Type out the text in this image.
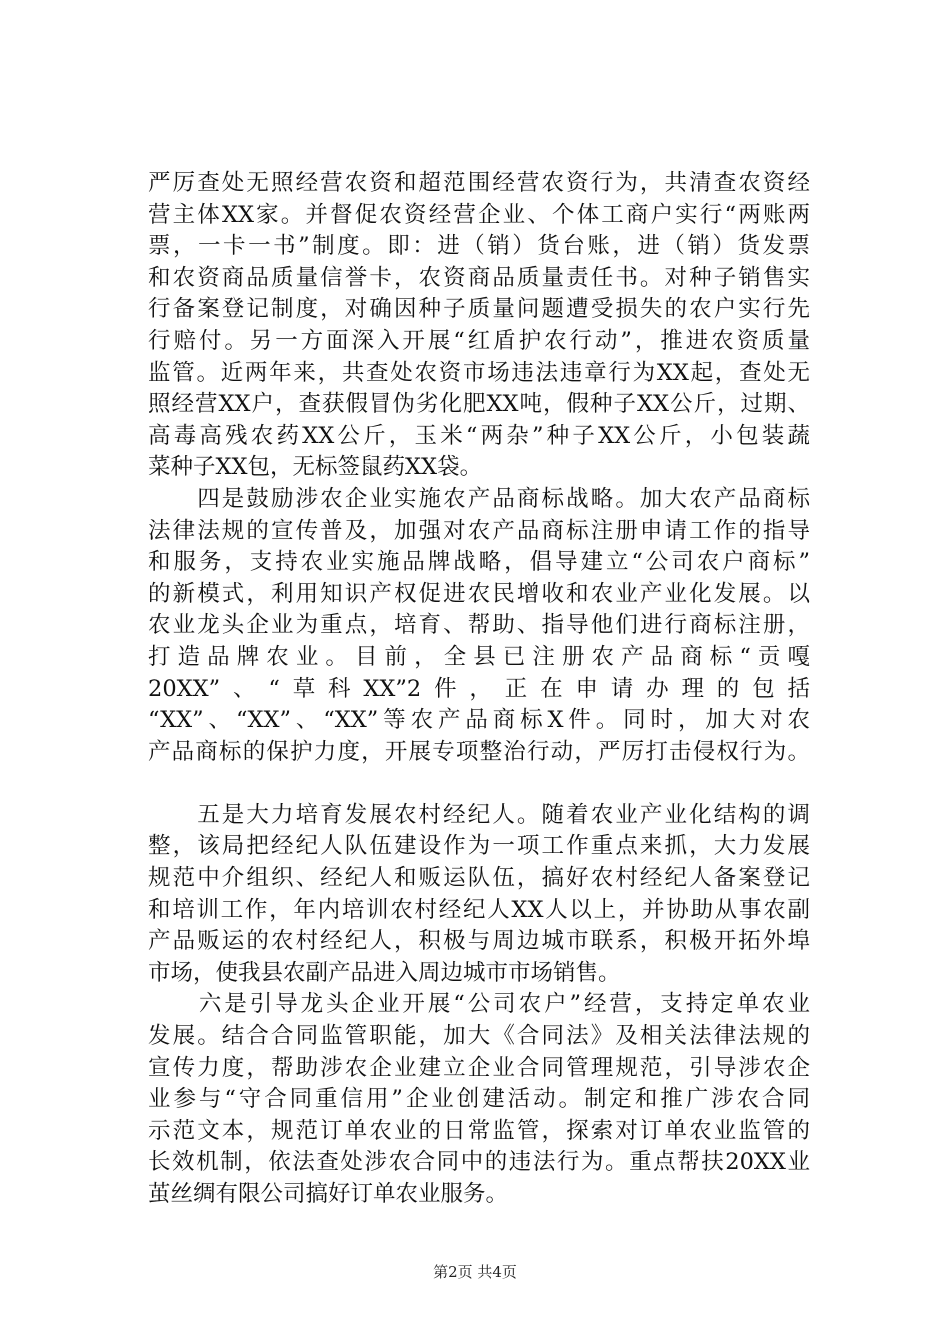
严厉查处无照经营农资和超范围经营农资行为，共清查农资经
营主体XX家。并督促农资经营企业、个体工商户实行“两账两
票，一卡一书”制度。即：进（销）货台账，进（销）货发票
和农资商品质量信誉卡，农资商品质量责任书。对种子销售实
行备案登记制度，对确因种子质量问题遭受损失的农户实行先
行赔付。另一方面深入开展“红盾护农行动”，推进农资质量
监管。近两年来，共查处农资市场违法违章行为XX起，查处无
照经营XX户，查获假冒伪劣化肥XX吨，假种子XX公斤，过期、
高毒高残农药XX公斤，玉米“两杂”种子XX公斤，小包装蔬
菜种子XX包，无标签鼠药XX袋。
　　四是鼓励涉农企业实施农产品商标战略。加大农产品商标
法律法规的宣传普及，加强对农产品商标注册申请工作的指导
和服务，支持农业实施品牌战略，倡导建立“公司农户商标”
的新模式，利用知识产权促进农民增收和农业产业化发展。以
农业龙头企业为重点，培育、帮助、指导他们进行商标注册，
打造品牌农业。目前，全县已注册农产品商标“贡嘎
20XX”、“草科XX”2件，正在申请办理的包括
“XX”、“XX”、“XX”等农产品商标X件。同时，加大对农
产品商标的保护力度，开展专项整治行动，严厉打击侵权行为。
　　五是大力培育发展农村经纪人。随着农业产业化结构的调
整，该局把经纪人队伍建设作为一项工作重点来抓，大力发展
规范中介组织、经纪人和贩运队伍，搞好农村经纪人备案登记
和培训工作，年内培训农村经纪人XX人以上，并协助从事农副
产品贩运的农村经纪人，积极与周边城市联系，积极开拓外埠
市场，使我县农副产品进入周边城市市场销售。
　　六是引导龙头企业开展“公司农户”经营，支持定单农业
发展。结合合同监管职能，加大《合同法》及相关法律法规的
宣传力度，帮助涉农企业建立企业合同管理规范，引导涉农企
业参与“守合同重信用”企业创建活动。制定和推广涉农合同
示范文本，规范订单农业的日常监管，探索对订单农业监管的
长效机制，依法查处涉农合同中的违法行为。重点帮扶20XX业
茧丝绸有限公司搞好订单农业服务。
第2页 共4页
